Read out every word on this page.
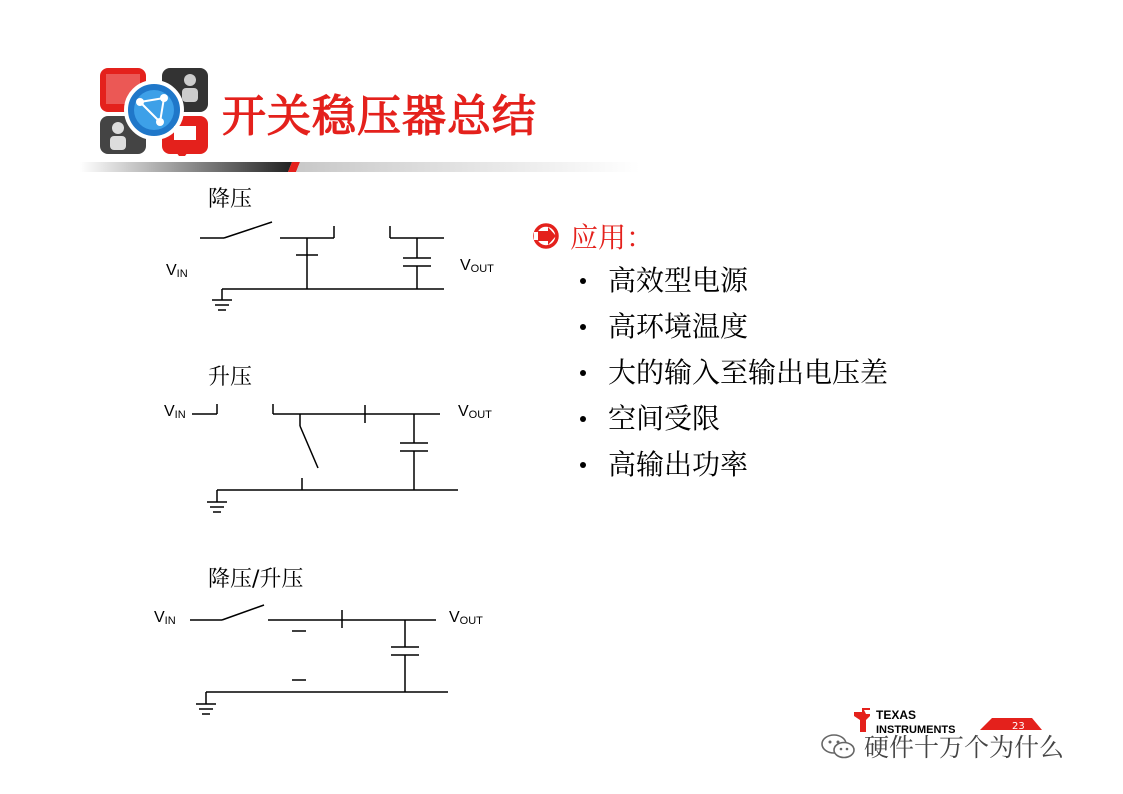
开关稳压器总结
降压
升压
降压/升压
$V_{IN}$	$V_{OUT}$
$V_{IN}$	$V_{OUT}$
$V_{IN}$	$V_{OUT}$
应用：
高效型电源
高环境温度
大的输入至输出电压差
空间受限
高输出功率
TEXAS
INSTRUMENTS	23
硬件十万个为什么
